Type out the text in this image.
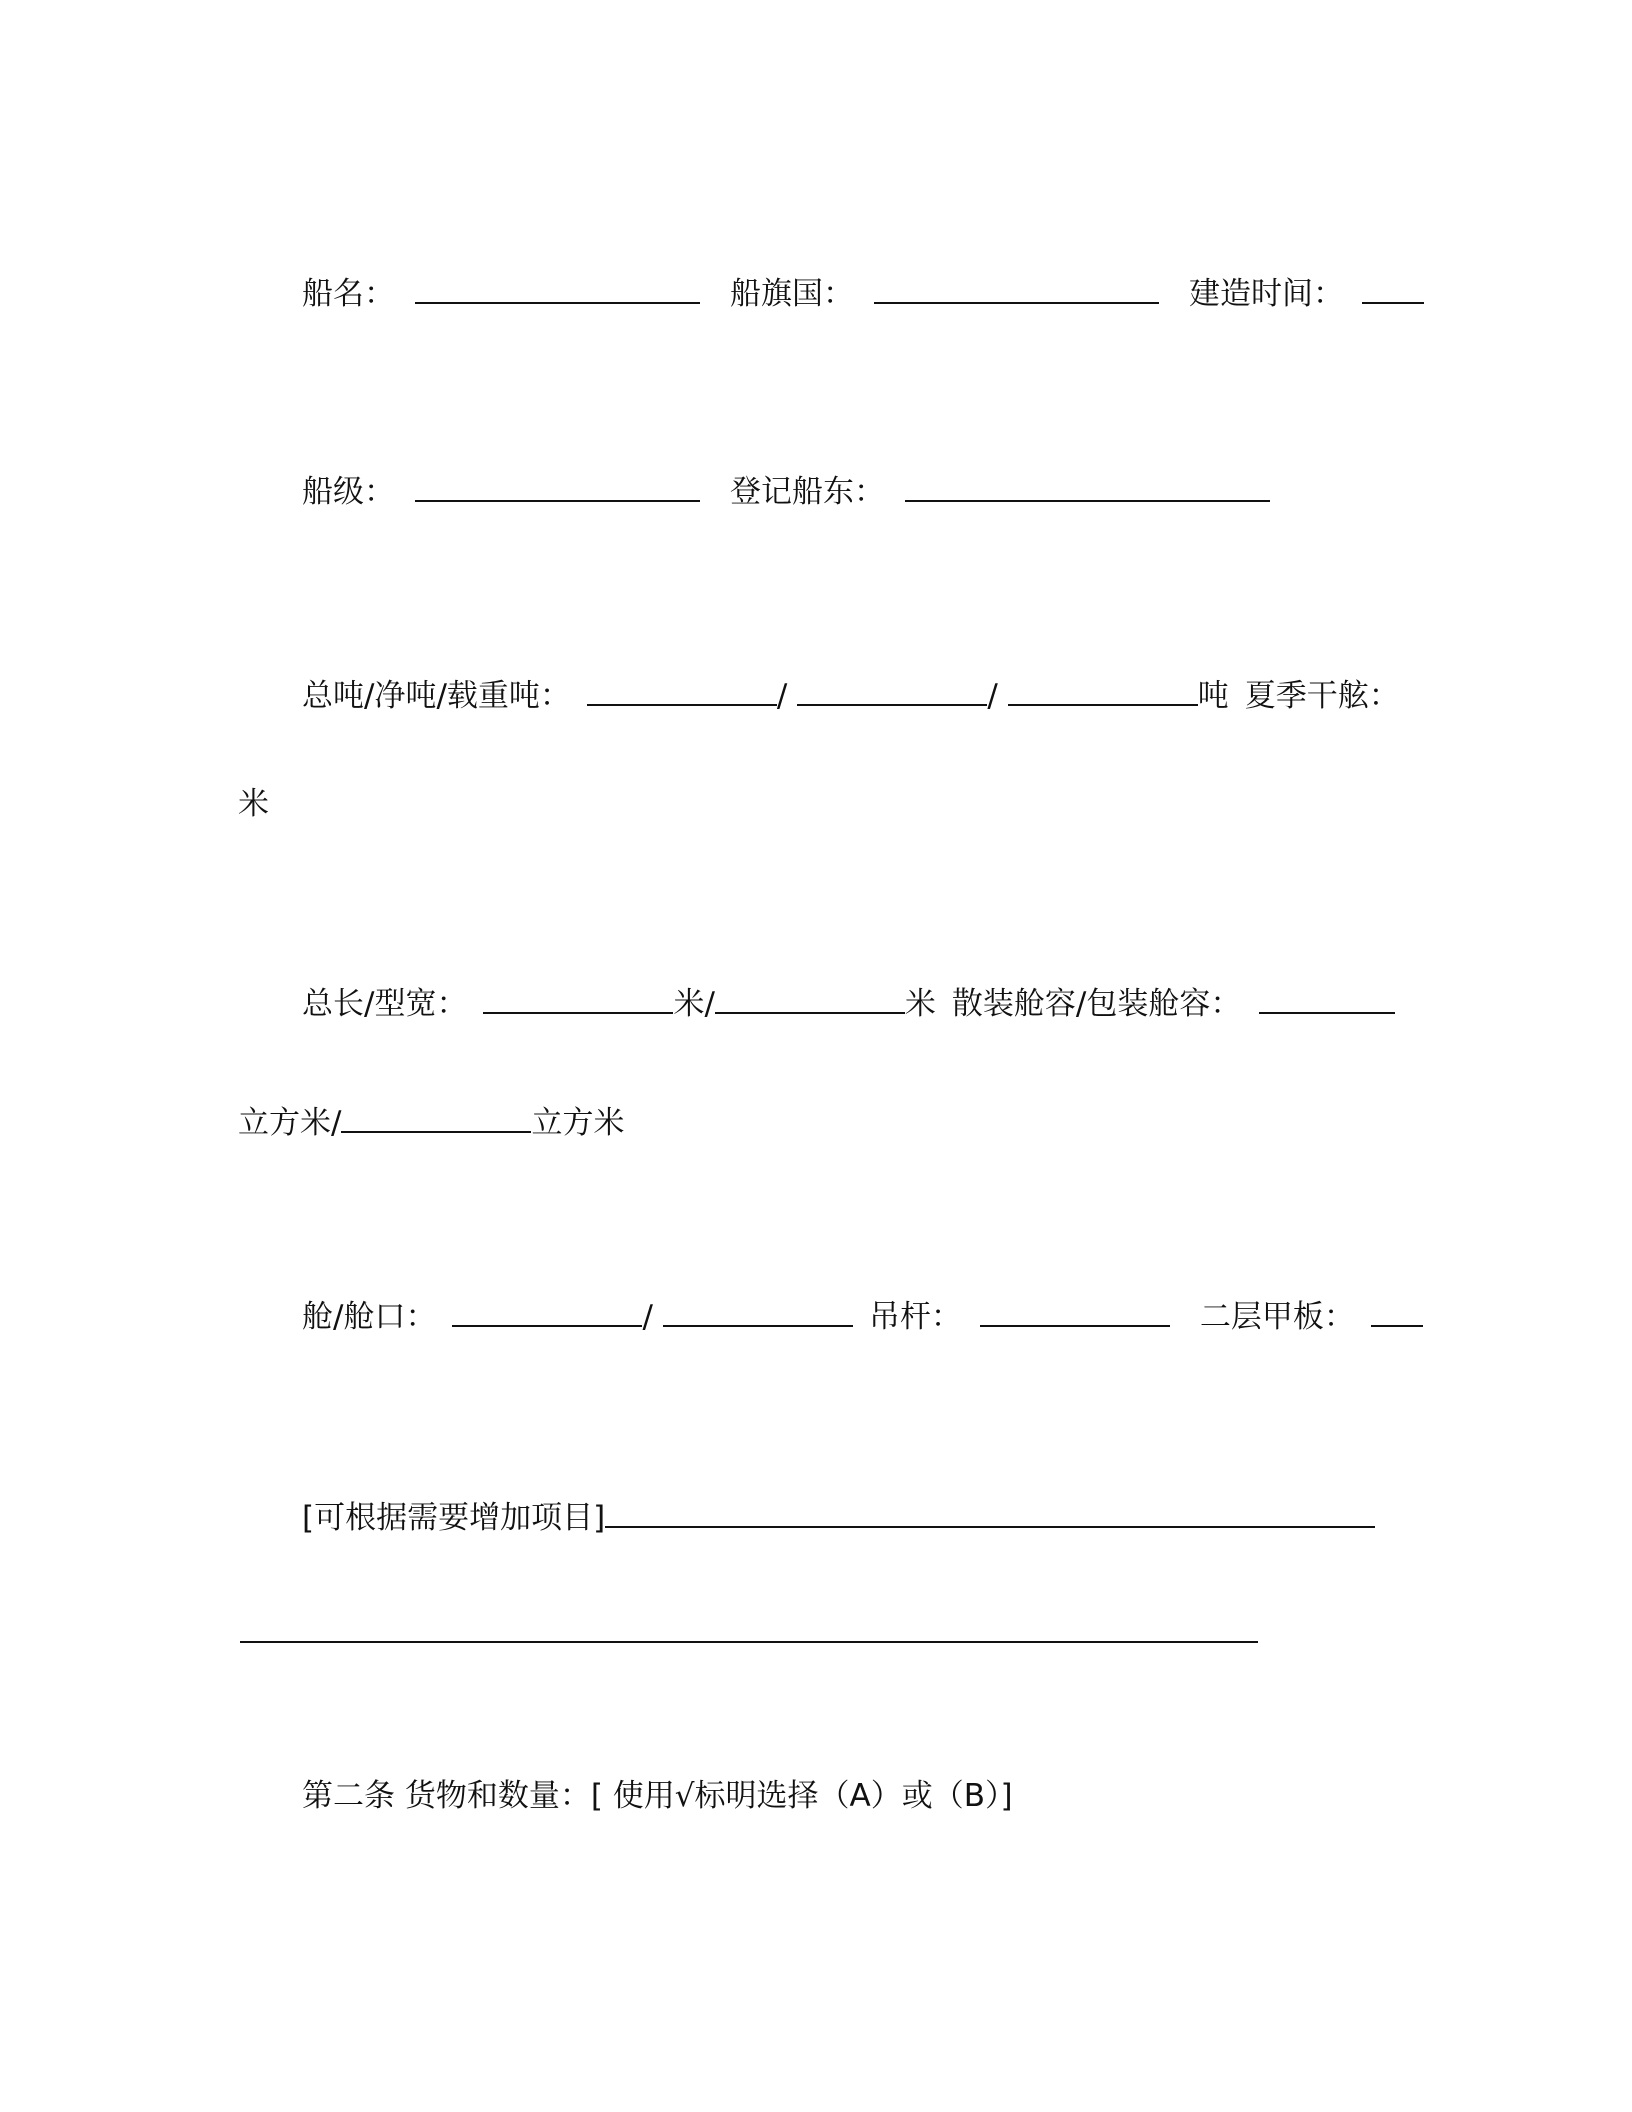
船名：	船旗国：	建造时间：
船级：	登记船东：
总吨/净吨/载重吨：	/	/	吨 夏季干舷：
米
总长/型宽：	米/	米 散装舱容/包装舱容：
立方米/	立方米
舱/舱口：	/	吊杆：	二层甲板：
[可根据需要增加项目]
第二条 货物和数量：[ 使用√标明选择（A）或（B）]
